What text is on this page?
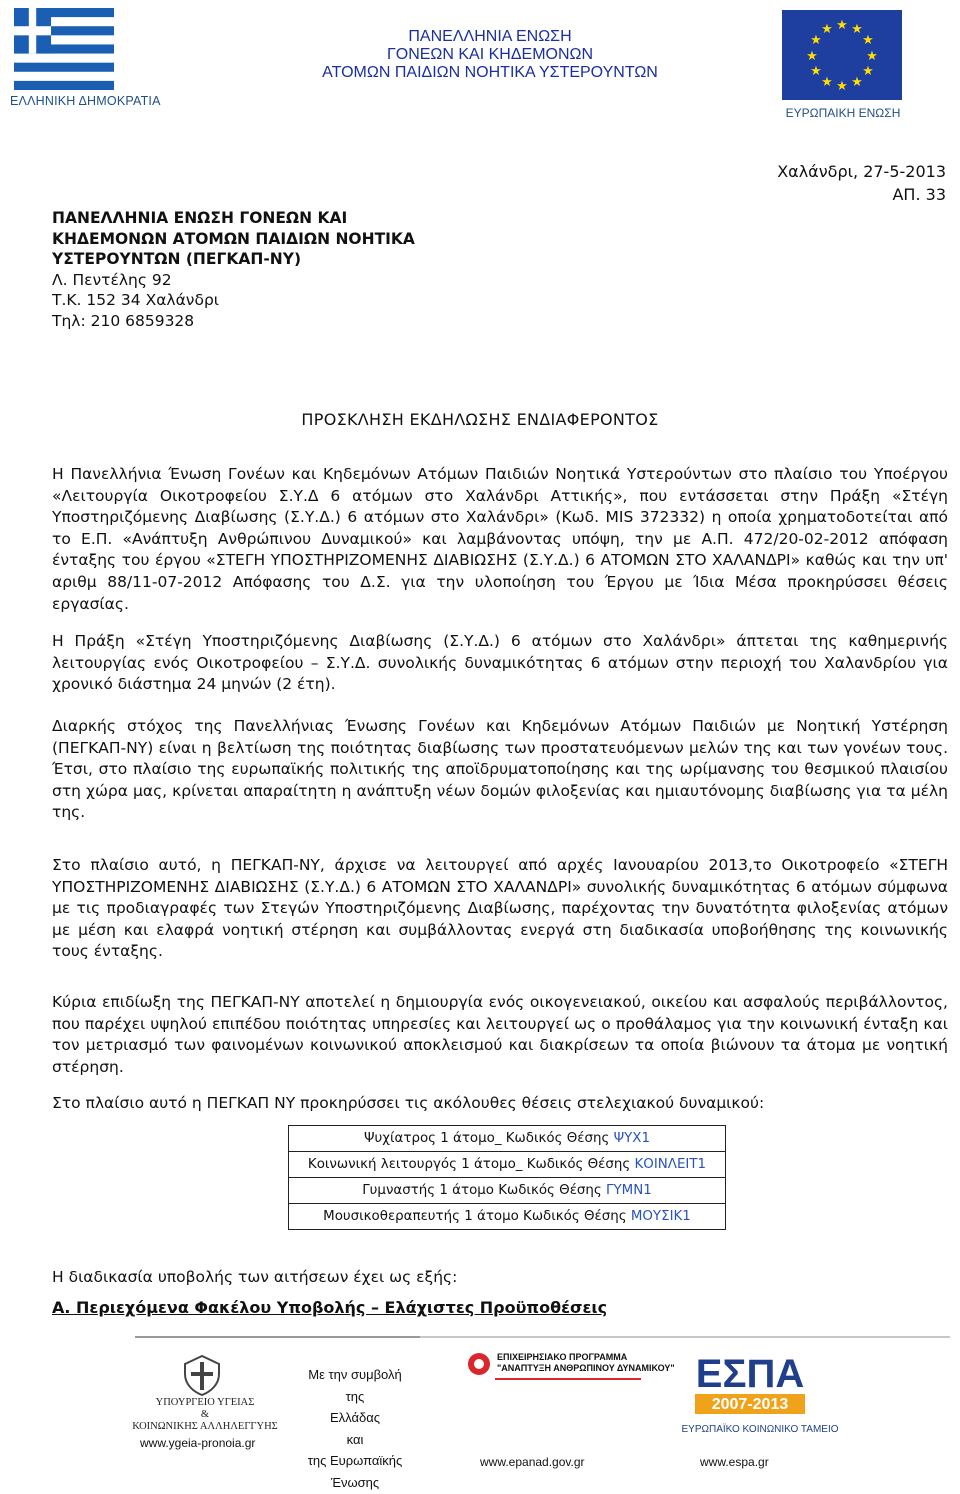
ΕΛΛΗΝΙΚΗ ΔΗΜΟΚΡΑΤΙΑ
ΠΑΝΕΛΛΗΝΙΑ ΕΝΩΣΗ
ΓΟΝΕΩΝ ΚΑΙ ΚΗΔΕΜΟΝΩΝ
ΑΤΟΜΩΝ ΠΑΙΔΙΩΝ ΝΟΗΤΙΚΑ ΥΣΤΕΡΟΥΝΤΩΝ
★ ★
★
★
★
★
★
★
★
★
★
★
ΕΥΡΩΠΑΙΚΗ ΕΝΩΣΗ
Χαλάνδρι, 27-5-2013
ΑΠ. 33
ΠΑΝΕΛΛΗΝΙΑ ΕΝΩΣΗ ΓΟΝΕΩΝ ΚΑΙ
ΚΗΔΕΜΟΝΩΝ ΑΤΟΜΩΝ ΠΑΙΔΙΩΝ ΝΟΗΤΙΚΑ
ΥΣΤΕΡΟΥΝΤΩΝ (ΠΕΓΚΑΠ-ΝΥ)
Λ. Πεντέλης 92
Τ.Κ. 152 34 Χαλάνδρι
Τηλ: 210 6859328
ΠΡΟΣΚΛΗΣΗ ΕΚΔΗΛΩΣΗΣ ΕΝΔΙΑΦΕΡΟΝΤΟΣ
Η Πανελλήνια Ένωση Γονέων και Κηδεμόνων Ατόμων Παιδιών Νοητικά Υστερούντων στο πλαίσιο του Υποέργου «Λειτουργία Οικοτροφείου Σ.Υ.Δ 6 ατόμων στο Χαλάνδρι Αττικής», που εντάσσεται στην Πράξη «Στέγη Υποστηριζόμενης Διαβίωσης (Σ.Υ.Δ.) 6 ατόμων στο Χαλάνδρι» (Κωδ. MIS 372332) η οποία χρηματοδοτείται από το Ε.Π. «Ανάπτυξη Ανθρώπινου Δυναμικού» και λαμβάνοντας υπόψη, την με Α.Π. 472/20-02-2012 απόφαση ένταξης του έργου «ΣΤΕΓΗ ΥΠΟΣΤΗΡΙΖΟΜΕΝΗΣ ΔΙΑΒΙΩΣΗΣ (Σ.Υ.Δ.) 6 ΑΤΟΜΩΝ ΣΤΟ ΧΑΛΑΝΔΡΙ» καθώς και την υπ' αριθμ 88/11-07-2012 Απόφασης του Δ.Σ. για την υλοποίηση του Έργου με Ίδια Μέσα προκηρύσσει θέσεις εργασίας.
Η Πράξη «Στέγη Υποστηριζόμενης Διαβίωσης (Σ.Υ.Δ.) 6 ατόμων στο Χαλάνδρι» άπτεται της καθημερινής λειτουργίας ενός Οικοτροφείου – Σ.Υ.Δ. συνολικής δυναμικότητας 6 ατόμων στην περιοχή του Χαλανδρίου για χρονικό διάστημα 24 μηνών (2 έτη).
Διαρκής στόχος της Πανελλήνιας Ένωσης Γονέων και Κηδεμόνων Ατόμων Παιδιών με Νοητική Υστέρηση (ΠΕΓΚΑΠ-ΝΥ) είναι η βελτίωση της ποιότητας διαβίωσης των προστατευόμενων μελών της και των γονέων τους. Έτσι, στο πλαίσιο της ευρωπαϊκής πολιτικής της αποϊδρυματοποίησης και της ωρίμανσης του θεσμικού πλαισίου στη χώρα μας, κρίνεται απαραίτητη η ανάπτυξη νέων δομών φιλοξενίας και ημιαυτόνομης διαβίωσης για τα μέλη της.
Στο πλαίσιο αυτό, η ΠΕΓΚΑΠ-ΝΥ, άρχισε να λειτουργεί από αρχές Ιανουαρίου 2013,το Οικοτροφείο «ΣΤΕΓΗ ΥΠΟΣΤΗΡΙΖΟΜΕΝΗΣ ΔΙΑΒΙΩΣΗΣ (Σ.Υ.Δ.) 6 ΑΤΟΜΩΝ ΣΤΟ ΧΑΛΑΝΔΡΙ» συνολικής δυναμικότητας 6 ατόμων σύμφωνα με τις προδιαγραφές των Στεγών Υποστηριζόμενης Διαβίωσης, παρέχοντας την δυνατότητα φιλοξενίας ατόμων με μέση και ελαφρά νοητική στέρηση και συμβάλλοντας ενεργά στη διαδικασία υποβοήθησης της κοινωνικής τους ένταξης.
Κύρια επιδίωξη της ΠΕΓΚΑΠ-ΝΥ αποτελεί η δημιουργία ενός οικογενειακού, οικείου και ασφαλούς περιβάλλοντος, που παρέχει υψηλού επιπέδου ποιότητας υπηρεσίες και λειτουργεί ως ο προθάλαμος για την κοινωνική ένταξη και τον μετριασμό των φαινομένων κοινωνικού αποκλεισμού και διακρίσεων τα οποία βιώνουν τα άτομα με νοητική στέρηση.
Στο πλαίσιο αυτό η ΠΕΓΚΑΠ ΝΥ προκηρύσσει τις ακόλουθες θέσεις στελεχιακού δυναμικού:
Ψυχίατρος 1 άτομο_ Κωδικός Θέσης ΨΥΧ1
Κοινωνική λειτουργός 1 άτομο_ Κωδικός Θέσης ΚΟΙΝΛΕΙΤ1
Γυμναστής 1 άτομο Κωδικός Θέσης ΓΥΜΝ1
Μουσικοθεραπευτής 1 άτομο Κωδικός Θέσης ΜΟΥΣΙΚ1
Η διαδικασία υποβολής των αιτήσεων έχει ως εξής:
Α. Περιεχόμενα Φακέλου Υποβολής – Ελάχιστες Προϋποθέσεις
ΥΠΟΥΡΓΕΙΟ ΥΓΕΙΑΣ
&
ΚΟΙΝΩΝΙΚΗΣ ΑΛΛΗΛΕΓΓΥΗΣ
www.ygeia-pronoia.gr
Με την συμβολή της
Ελλάδας
και
της Ευρωπαϊκής
Ένωσης
ΕΠΙΧΕΙΡΗΣΙΑΚΟ ΠΡΟΓΡΑΜΜΑ
"ΑΝΑΠΤΥΞΗ ΑΝΘΡΩΠΙΝΟΥ ΔΥΝΑΜΙΚΟΥ"
www.epanad.gov.gr
ΕΣΠΑ
2007-2013
ΕΥΡΩΠΑΪΚΟ ΚΟΙΝΩΝΙΚΟ ΤΑΜΕΙΟ
www.espa.gr
